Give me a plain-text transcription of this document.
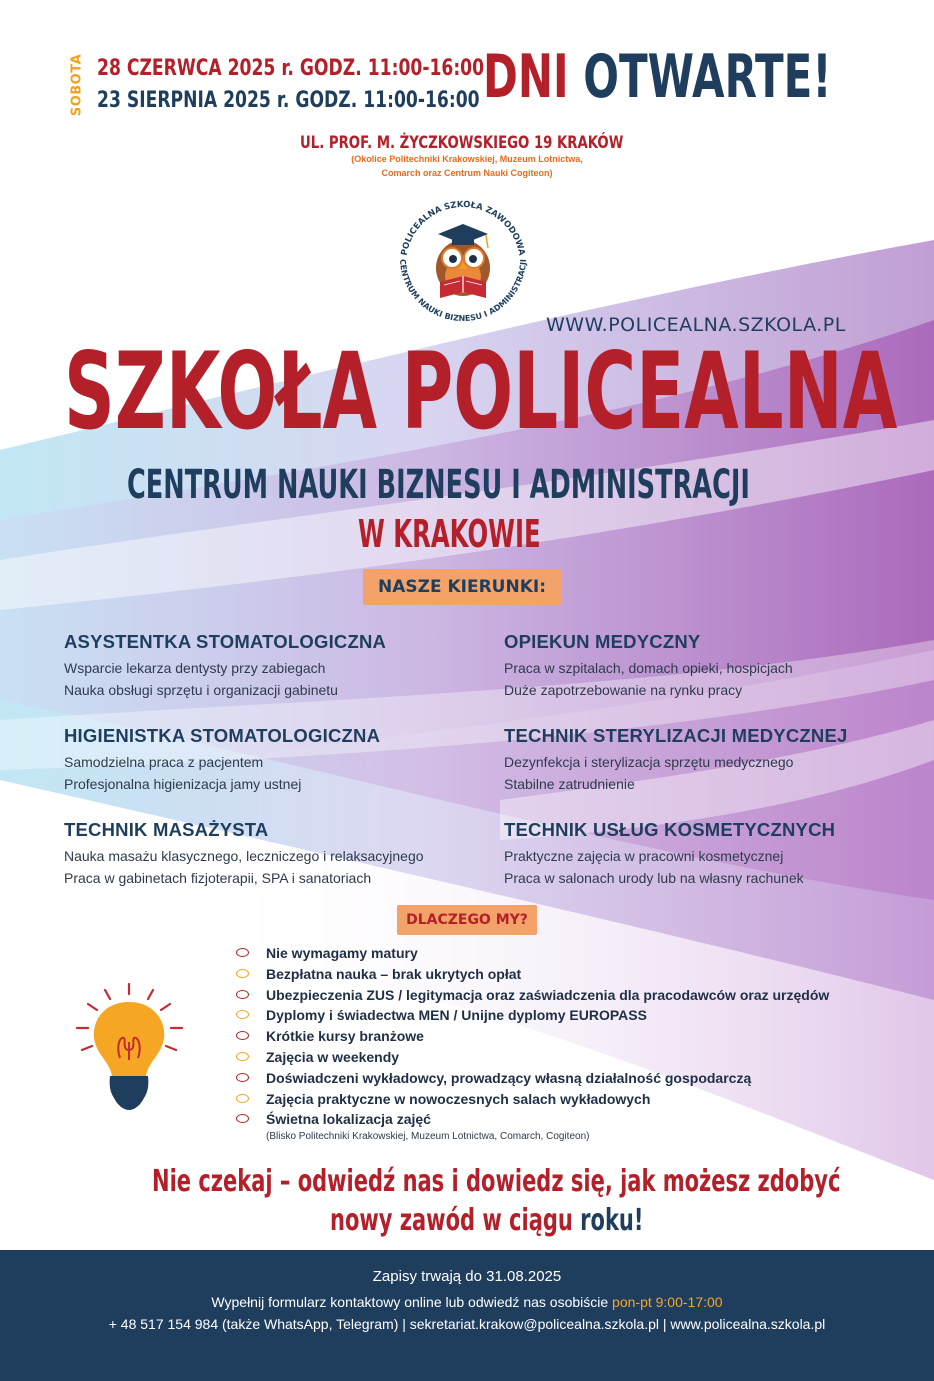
SOBOTA 28 CZERWCA 2025 r. GODZ. 11:00-16:00
23 SIERPNIA 2025 r. GODZ. 11:00-16:00 DNI OTWARTE!
UL. PROF. M. ŻYCZKOWSKIEGO 19 KRAKÓW
(Okolice Politechniki Krakowskiej, Muzeum Lotnictwa,
Comarch oraz Centrum Nauki Cogiteon)
POLICEALNA SZKOŁA ZAWODOWA
CENTRUM NAUKI BIZNESU I ADMINISTRACJI
WWW.POLICEALNA.SZKOLA.PL
SZKOŁA POLICEALNA
CENTRUM NAUKI BIZNESU I ADMINISTRACJI
W KRAKOWIE
NASZE KIERUNKI:
ASYSTENTKA STOMATOLOGICZNA
Wsparcie lekarza dentysty przy zabiegach
Nauka obsługi sprzętu i organizacji gabinetu
OPIEKUN MEDYCZNY
Praca w szpitalach, domach opieki, hospicjach
Duże zapotrzebowanie na rynku pracy
HIGIENISTKA STOMATOLOGICZNA
Samodzielna praca z pacjentem
Profesjonalna higienizacja jamy ustnej
TECHNIK STERYLIZACJI MEDYCZNEJ
Dezynfekcja i sterylizacja sprzętu medycznego
Stabilne zatrudnienie
TECHNIK MASAŻYSTA
Nauka masażu klasycznego, leczniczego i relaksacyjnego
Praca w gabinetach fizjoterapii, SPA i sanatoriach
TECHNIK USŁUG KOSMETYCZNYCH
Praktyczne zajęcia w pracowni kosmetycznej
Praca w salonach urody lub na własny rachunek
DLACZEGO MY?
Nie wymagamy matury
Bezpłatna nauka – brak ukrytych opłat
Ubezpieczenia ZUS / legitymacja oraz zaświadczenia dla pracodawców oraz urzędów
Dyplomy i świadectwa MEN / Unijne dyplomy EUROPASS
Krótkie kursy branżowe
Zajęcia w weekendy
Doświadczeni wykładowcy, prowadzący własną działalność gospodarczą
Zajęcia praktyczne w nowoczesnych salach wykładowych
Świetna lokalizacja zajęć
(Blisko Politechniki Krakowskiej, Muzeum Lotnictwa, Comarch, Cogiteon)
Nie czekaj – odwiedź nas i dowiedz się, jak możesz zdobyć
nowy zawód w ciągu roku!
Zapisy trwają do 31.08.2025
Wypełnij formularz kontaktowy online lub odwiedź nas osobiście pon-pt 9:00-17:00
+ 48 517 154 984 (także WhatsApp, Telegram) | sekretariat.krakow@policealna.szkola.pl | www.policealna.szkola.pl
